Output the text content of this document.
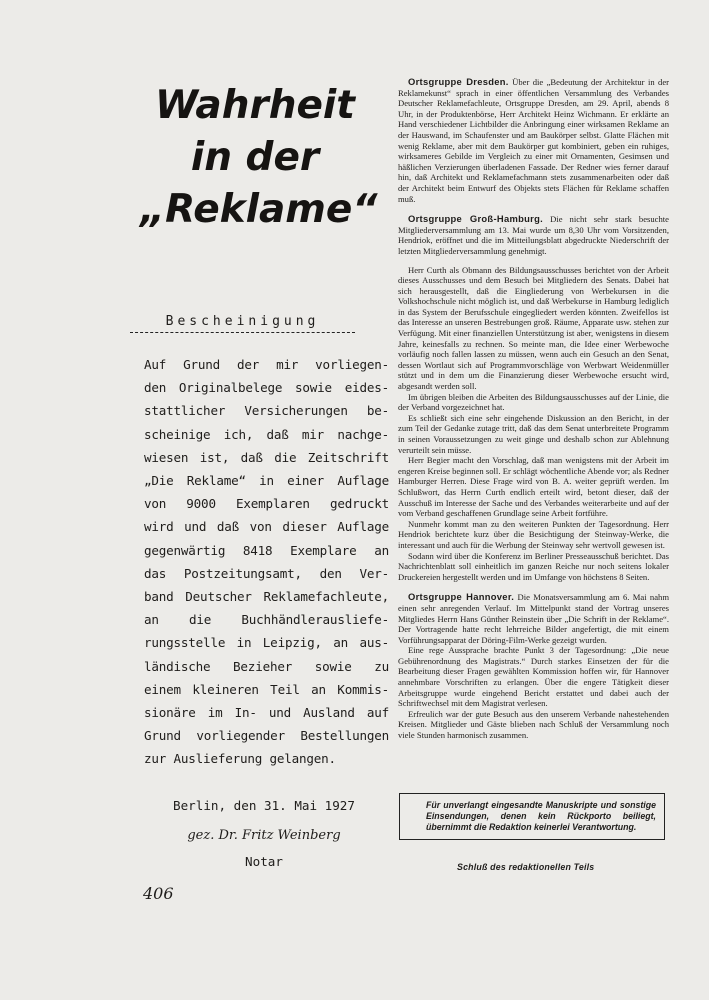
Wahrheit
in der
„Reklame“
Bescheinigung
Auf Grund der mir vorliegen-
den Originalbelege sowie eides-
stattlicher Versicherungen be-
scheinige ich, daß mir nachge-
wiesen ist, daß die Zeitschrift
„Die Reklame“ in einer Auflage
von 9000 Exemplaren gedruckt
wird und daß von dieser Auflage
gegenwärtig 8418 Exemplare an
das Postzeitungsamt, den Ver-
band Deutscher Reklamefachleute,
an die Buchhändlerausliefe-
rungsstelle in Leipzig, an aus-
ländische Bezieher sowie zu
einem kleineren Teil an Kommis-
sionäre im In- und Ausland auf
Grund vorliegender Bestellungen
zur Auslieferung gelangen.
Berlin, den 31. Mai 1927
gez. Dr. Fritz Weinberg
Notar
406

Ortsgruppe Dresden. Über die „Bedeutung der Architektur in der Reklamekunst“ sprach in einer öffentlichen Versammlung des Verbandes Deutscher Reklamefachleute, Ortsgruppe Dresden, am 29. April, abends 8 Uhr, in der Produktenbörse, Herr Architekt Heinz Wichmann. Er erklärte an Hand verschiedener Lichtbilder die Anbringung einer wirksamen Reklame an der Hauswand, im Schaufenster und am Baukörper selbst. Glatte Flächen mit wenig Reklame, aber mit dem Baukörper gut kombiniert, geben ein ruhiges, wirksameres Gebilde im Vergleich zu einer mit Ornamenten, Gesimsen und häßlichen Verzierungen überladenen Fassade. Der Redner wies ferner darauf hin, daß Architekt und Reklamefachmann stets zusammenarbeiten oder daß der Architekt beim Entwurf des Objekts stets Flächen für Reklame schaffen muß.

Ortsgruppe Groß-Hamburg. Die nicht sehr stark besuchte Mitgliederversammlung am 13. Mai wurde um 8,30 Uhr vom Vorsitzenden, Hendriok, eröffnet und die im Mitteilungsblatt abgedruckte Niederschrift der letzten Mitgliederversammlung genehmigt.

Herr Curth als Obmann des Bildungsausschusses berichtet von der Arbeit dieses Ausschusses und dem Besuch bei Mitgliedern des Senats. Dabei hat sich herausgestellt, daß die Eingliederung von Werbekursen in die Volkshochschule nicht möglich ist, und daß Werbekurse in Hamburg lediglich in das System der Berufsschule eingegliedert werden könnten. Zweifellos ist das Interesse an unseren Bestrebungen groß. Räume, Apparate usw. stehen zur Verfügung. Mit einer finanziellen Unterstützung ist aber, wenigstens in diesem Jahre, keinesfalls zu rechnen. So meinte man, die Idee einer Werbewoche vorläufig noch fallen lassen zu müssen, wenn auch ein Gesuch an den Senat, dessen Wortlaut sich auf Programmvorschläge von Werbwart Weidenmüller stützt und in dem um die Finanzierung dieser Werbewoche ersucht wird, abgesandt werden soll.

Im übrigen bleiben die Arbeiten des Bildungsausschusses auf der Linie, die der Verband vorgezeichnet hat.

Es schließt sich eine sehr eingehende Diskussion an den Bericht, in der zum Teil der Gedanke zutage tritt, daß das dem Senat unterbreitete Programm in seinen Voraussetzungen zu weit ginge und deshalb schon zur Ablehnung verurteilt sein müsse.

Herr Begier macht den Vorschlag, daß man wenigstens mit der Arbeit im engeren Kreise beginnen soll. Er schlägt wöchentliche Abende vor; als Redner Hamburger Herren. Diese Frage wird von B. A. weiter geprüft werden. Im Schlußwort, das Herrn Curth endlich erteilt wird, betont dieser, daß der Ausschuß im Interesse der Sache und des Verbandes weiterarbeite und auf der vom Verband geschaffenen Grundlage seine Arbeit fortführe.

Nunmehr kommt man zu den weiteren Punkten der Tagesordnung. Herr Hendriok berichtete kurz über die Besichtigung der Steinway-Werke, die interessant und auch für die Werbung der Steinway sehr wertvoll gewesen ist.

Sodann wird über die Konferenz im Berliner Presseausschuß berichtet. Das Nachrichtenblatt soll einheitlich im ganzen Reiche nur noch seitens lokaler Druckereien hergestellt werden und im Umfange von höchstens 8 Seiten.

Ortsgruppe Hannover. Die Monatsversammlung am 6. Mai nahm einen sehr anregenden Verlauf. Im Mittelpunkt stand der Vortrag unseres Mitgliedes Herrn Hans Günther Reinstein über „Die Schrift in der Reklame“. Der Vortragende hatte recht lehrreiche Bilder angefertigt, die mit einem Vorführungsapparat der Döring-Film-Werke gezeigt wurden.

Eine rege Aussprache brachte Punkt 3 der Tagesordnung: „Die neue Gebührenordnung des Magistrats.“ Durch starkes Einsetzen der für die Bearbeitung dieser Fragen gewählten Kommission hoffen wir, für Hannover annehmbare Vorschriften zu erlangen. Über die engere Tätigkeit dieser Arbeitsgruppe wurde eingehend Bericht erstattet und dabei auch der Schriftwechsel mit dem Magistrat verlesen.

Erfreulich war der gute Besuch aus den unserem Verbande nahestehenden Kreisen. Mitglieder und Gäste blieben nach Schluß der Versammlung noch viele Stunden harmonisch zusammen.

Für unverlangt eingesandte Manuskripte und sonstige Einsendungen, denen kein Rückporto beiliegt, übernimmt die Redaktion keinerlei Verantwortung.
Schluß des redaktionellen Teils
